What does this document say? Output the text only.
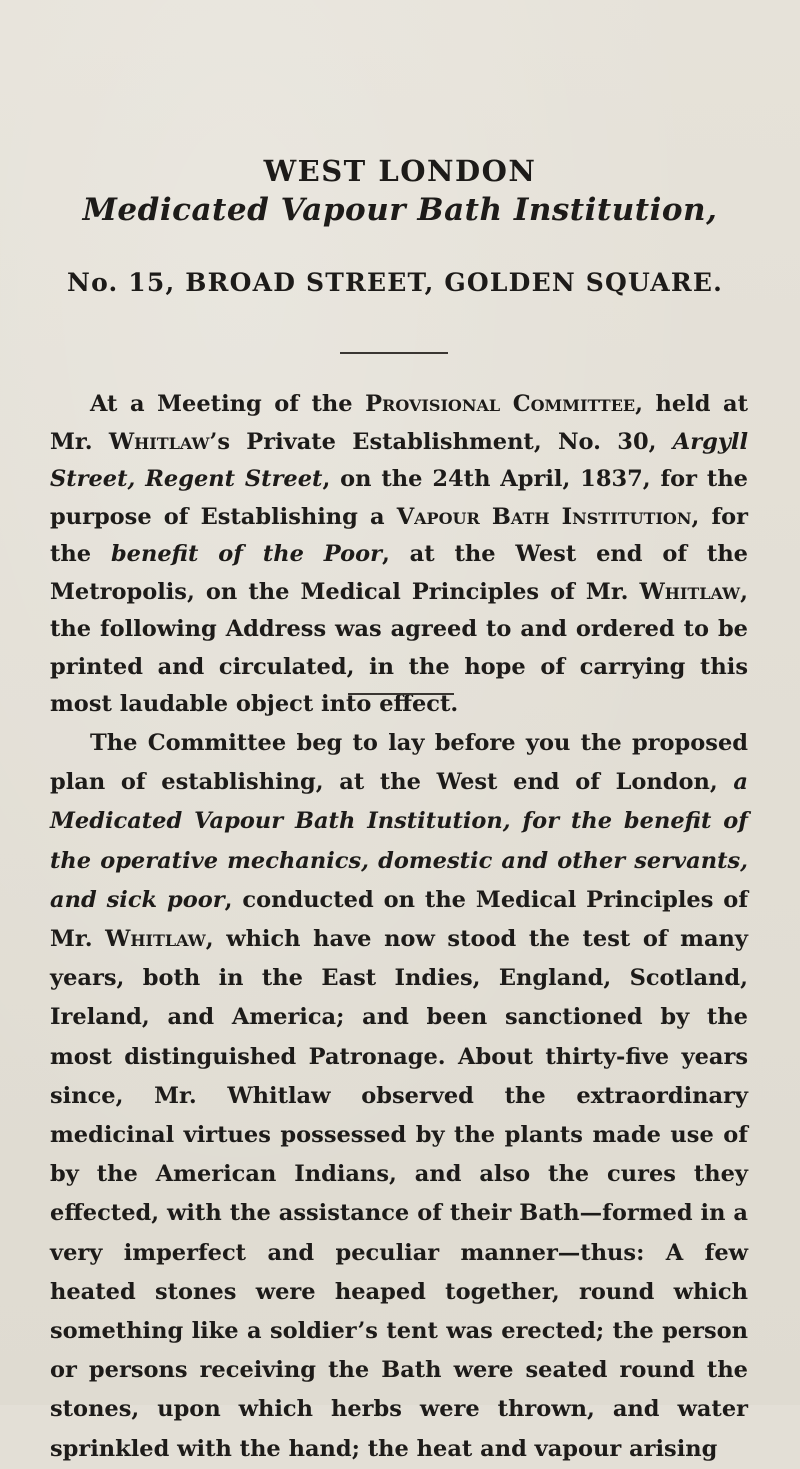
WEST LONDON
Medicated Vapour Bath Institution,
No. 15, BROAD STREET, GOLDEN SQUARE.

At a Meeting of the Provisional Committee, held at Mr. Whitlaw’s Private Establishment, No. 30, Argyll Street, Regent Street, on the 24th April, 1837, for the purpose of Establishing a Vapour Bath Institution, for the benefit of the Poor, at the West end of the Metropolis, on the Medical Principles of Mr. Whitlaw, the following Address was agreed to and ordered to be printed and circulated, in the hope of carrying this most laudable object into effect.

The Committee beg to lay before you the proposed plan of establishing, at the West end of London, a Medicated Vapour Bath Institution, for the benefit of the operative mechanics, domestic and other servants, and sick poor, conducted on the Medical Principles of Mr. Whitlaw, which have now stood the test of many years, both in the East Indies, England, Scotland, Ireland, and America; and been sanctioned by the most distinguished Patronage. About thirty-five years since, Mr. Whitlaw observed the extraordinary medicinal virtues possessed by the plants made use of by the American Indians, and also the cures they effected, with the assistance of their Bath—formed in a very imperfect and peculiar manner—thus: A few heated stones were heaped together, round which something like a soldier’s tent was erected; the person or persons receiving the Bath were seated round the stones, upon which herbs were thrown, and water sprinkled with the hand; the heat and vapour arising
